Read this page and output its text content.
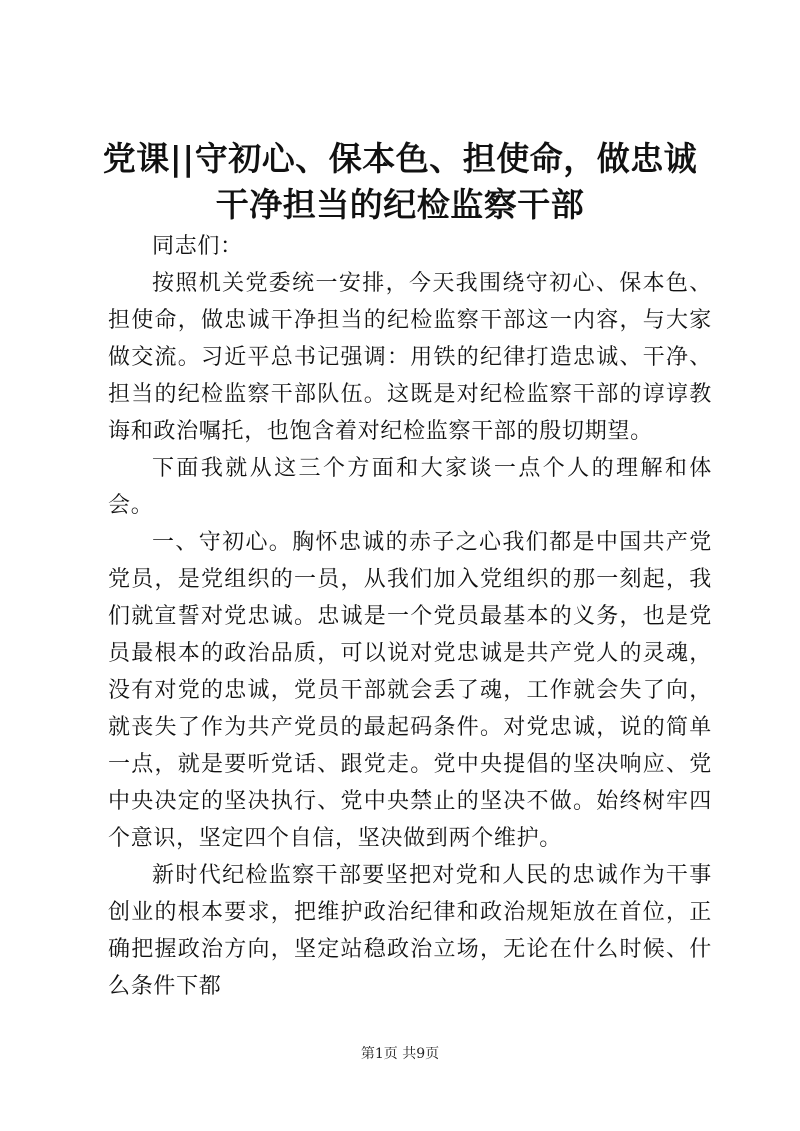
党课||守初心、保本色、担使命，做忠诚干净担当的纪检监察干部

同志们：

按照机关党委统一安排，今天我围绕守初心、保本色、担使命，做忠诚干净担当的纪检监察干部这一内容，与大家做交流。习近平总书记强调：用铁的纪律打造忠诚、干净、担当的纪检监察干部队伍。这既是对纪检监察干部的谆谆教诲和政治嘱托，也饱含着对纪检监察干部的殷切期望。

下面我就从这三个方面和大家谈一点个人的理解和体会。

一、守初心。胸怀忠诚的赤子之心我们都是中国共产党党员，是党组织的一员，从我们加入党组织的那一刻起，我们就宣誓对党忠诚。忠诚是一个党员最基本的义务，也是党员最根本的政治品质，可以说对党忠诚是共产党人的灵魂，没有对党的忠诚，党员干部就会丢了魂，工作就会失了向，就丧失了作为共产党员的最起码条件。对党忠诚，说的简单一点，就是要听党话、跟党走。党中央提倡的坚决响应、党中央决定的坚决执行、党中央禁止的坚决不做。始终树牢四个意识，坚定四个自信，坚决做到两个维护。

新时代纪检监察干部要坚把对党和人民的忠诚作为干事创业的根本要求，把维护政治纪律和政治规矩放在首位，正确把握政治方向，坚定站稳政治立场，无论在什么时候、什么条件下都

第1页 共9页
